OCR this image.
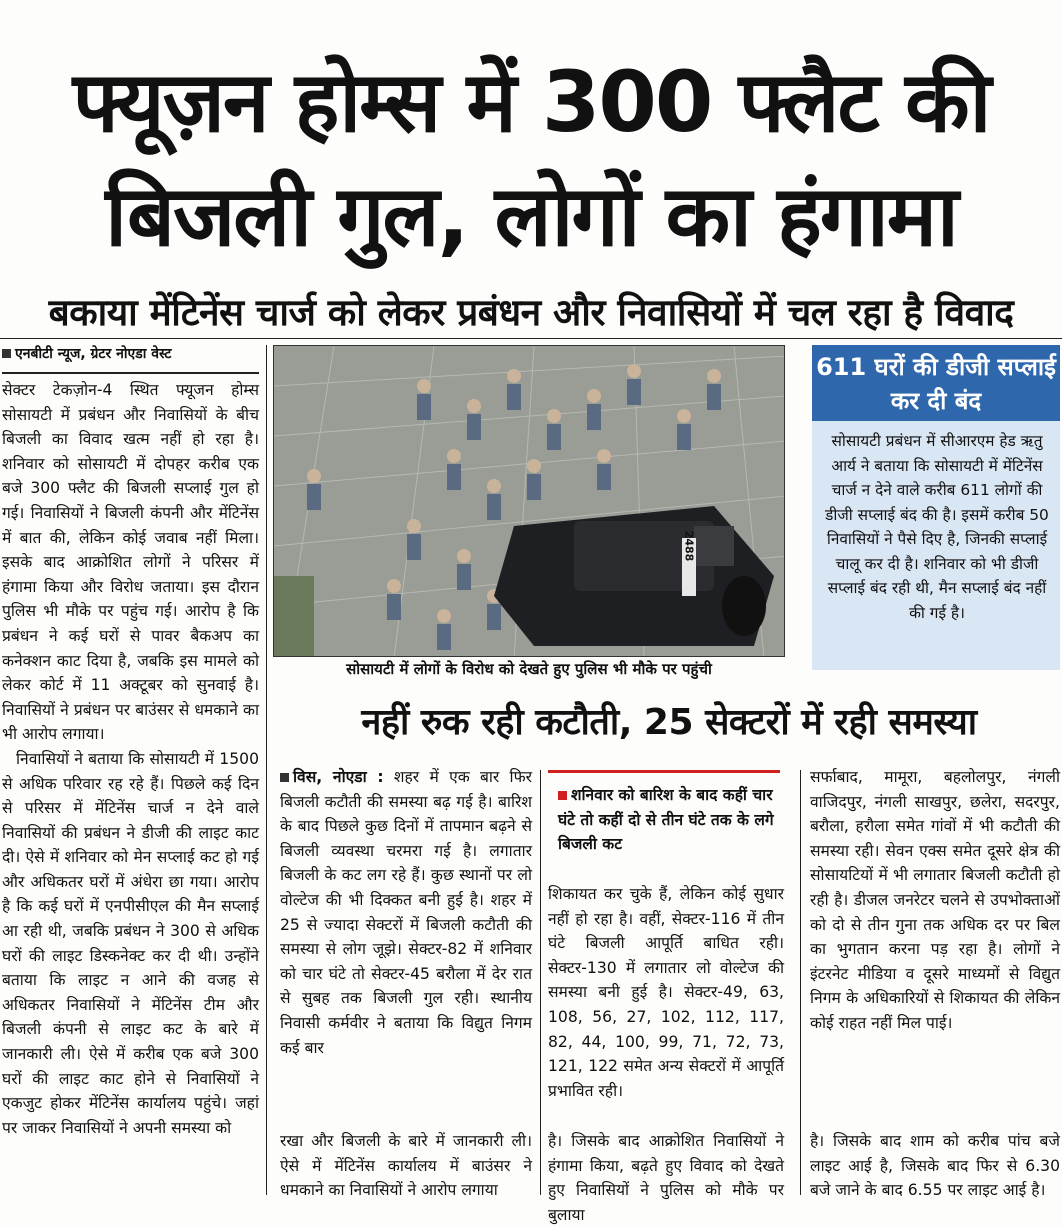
फ्यूज़न होम्स में 300 फ्लैट की
बिजली गुल, लोगों का हंगामा
बकाया मेंटिनेंस चार्ज को लेकर प्रबंधन और निवासियों में चल रहा है विवाद
एनबीटी न्यूज, ग्रेटर नोएडा वेस्ट

सेक्टर टेकज़ोन-4 स्थित फ्यूजन होम्स सोसायटी में प्रबंधन और निवासियों के बीच बिजली का विवाद खत्म नहीं हो रहा है। शनिवार को सोसायटी में दोपहर करीब एक बजे 300 फ्लैट की बिजली सप्लाई गुल हो गई। निवासियों ने बिजली कंपनी और मेंटिनेंस में बात की, लेकिन कोई जवाब नहीं मिला। इसके बाद आक्रोशित लोगों ने परिसर में हंगामा किया और विरोध जताया। इस दौरान पुलिस भी मौके पर पहुंच गई। आरोप है कि प्रबंधन ने कई घरों से पावर बैकअप का कनेक्शन काट दिया है, जबकि इस मामले को लेकर कोर्ट में 11 अक्टूबर को सुनवाई है। निवासियों ने प्रबंधन पर बाउंसर से धमकाने का भी आरोप लगाया।

निवासियों ने बताया कि सोसायटी में 1500 से अधिक परिवार रह रहे हैं। पिछले कई दिन से परिसर में मेंटिनेंस चार्ज न देने वाले निवासियों की प्रबंधन ने डीजी की लाइट काट दी। ऐसे में शनिवार को मेन सप्लाई कट हो गई और अधिकतर घरों में अंधेरा छा गया। आरोप है कि कई घरों में एनपीसीएल की मैन सप्लाई आ रही थी, जबकि प्रबंधन ने 300 से अधिक घरों की लाइट डिस्कनेक्ट कर दी थी। उन्होंने बताया कि लाइट न आने की वजह से अधिकतर निवासियों ने मेंटिनेंस टीम और बिजली कंपनी से लाइट कट के बारे में जानकारी ली। ऐसे में करीब एक बजे 300 घरों की लाइट काट होने से निवासियों ने एकजुट होकर मेंटिनेंस कार्यालय पहुंचे। जहां पर जाकर निवासियों ने अपनी समस्या को

2488
सोसायटी में लोगों के विरोध को देखते हुए पुलिस भी मौके पर पहुंची
611 घरों की डीजी सप्लाई कर दी बंद
सोसायटी प्रबंधन में सीआरएम हेड ऋतु आर्य ने बताया कि सोसायटी में मेंटिनेंस चार्ज न देने वाले करीब 611 लोगों की डीजी सप्लाई बंद की है। इसमें करीब 50 निवासियों ने पैसे दिए है, जिनकी सप्लाई चालू कर दी है। शनिवार को भी डीजी सप्लाई बंद रही थी, मैन सप्लाई बंद नहीं की गई है।
नहीं रुक रही कटौती, 25 सेक्टरों में रही समस्या

विस, नोएडा : शहर में एक बार फिर बिजली कटौती की समस्या बढ़ गई है। बारिश के बाद पिछले कुछ दिनों में तापमान बढ़ने से बिजली व्यवस्था चरमरा गई है। लगातार बिजली के कट लग रहे हैं। कुछ स्थानों पर लो वोल्टेज की भी दिक्कत बनी हुई है। शहर में 25 से ज्यादा सेक्टरों में बिजली कटौती की समस्या से लोग जूझे। सेक्टर-82 में शनिवार को चार घंटे तो सेक्टर-45 बरौला में देर रात से सुबह तक बिजली गुल रही। स्थानीय निवासी कर्मवीर ने बताया कि विद्युत निगम कई बार

रखा और बिजली के बारे में जानकारी ली। ऐसे में मेंटिनेंस कार्यालय में बाउंसर ने धमकाने का निवासियों ने आरोप लगाया
शनिवार को बारिश के बाद कहीं चार घंटे तो कहीं दो से तीन घंटे तक के लगे बिजली कट
शिकायत कर चुके हैं, लेकिन कोई सुधार नहीं हो रहा है। वहीं, सेक्टर-116 में तीन घंटे बिजली आपूर्ति बाधित रही। सेक्टर-130 में लगातार लो वोल्टेज की समस्या बनी हुई है। सेक्टर-49, 63, 108, 56, 27, 102, 112, 117, 82, 44, 100, 99, 71, 72, 73, 121, 122 समेत अन्य सेक्टरों में आपूर्ति प्रभावित रही।
है। जिसके बाद आक्रोशित निवासियों ने हंगामा किया, बढ़ते हुए विवाद को देखते हुए निवासियों ने पुलिस को मौके पर बुलाया
सर्फाबाद, मामूरा, बहलोलपुर, नंगली वाजिदपुर, नंगली साखपुर, छलेरा, सदरपुर, बरौला, हरौला समेत गांवों में भी कटौती की समस्या रही। सेवन एक्स समेत दूसरे क्षेत्र की सोसायटियों में भी लगातार बिजली कटौती हो रही है। डीजल जनरेटर चलने से उपभोक्ताओं को दो से तीन गुना तक अधिक दर पर बिल का भुगतान करना पड़ रहा है। लोगों ने इंटरनेट मीडिया व दूसरे माध्यमों से विद्युत निगम के अधिकारियों से शिकायत की लेकिन कोई राहत नहीं मिल पाई।
है। जिसके बाद शाम को करीब पांच बजे लाइट आई है, जिसके बाद फिर से 6.30 बजे जाने के बाद 6.55 पर लाइट आई है।
